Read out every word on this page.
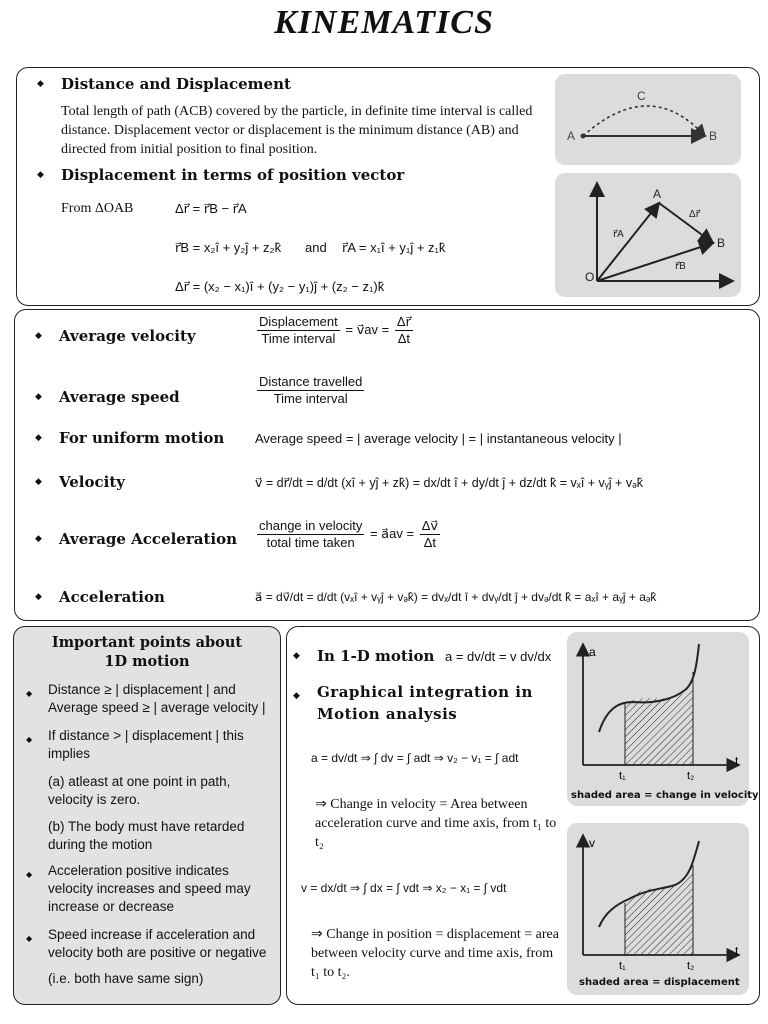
KINEMATICS
◆ Distance and Displacement
Total length of path (ACB) covered by the particle, in definite time interval is called distance. Displacement vector or displacement is the minimum distance (AB) and directed from initial position to final position.
◆ Displacement in terms of position vector
From ΔOAB	Δr⃗ = r⃗B − r⃗A
r⃗B = x₂î + y₂ĵ + z₂k̂ and r⃗A = x₁î + y₁ĵ + z₁k̂
Δr⃗ = (x₂ − x₁)î + (y₂ − y₁)ĵ + (z₂ − z₁)k̂
A	B
C
O
A
B
r⃗A
r⃗B
Δr⃗
◆ Average velocity	$\frac{\text{Displacement}}{\text{Time interval}}$ = v⃗av = $\frac{\Delta r⃗}{\Delta t}$
◆ Average speed	$\frac{\text{Distance travelled}}{\text{Time interval}}$
◆ For uniform motion Average speed = | average velocity | = | instantaneous velocity |
◆ Velocity	v⃗ = dr⃗/dt = d/dt (xî + yĵ + zk̂) = dx/dt î + dy/dt ĵ + dz/dt k̂ = vₓî + vᵧĵ + vₔk̂
◆ Average Acceleration $\frac{\text{change in velocity}}{\text{total time taken}}$ = a⃗av = $\frac{\Delta v⃗}{\Delta t}$
◆ Acceleration	a⃗ = dv⃗/dt = d/dt (vₓî + vᵧĵ + vₔk̂) = dvₓ/dt î + dvᵧ/dt ĵ + dvₔ/dt k̂ = aₓî + aᵧĵ + aₔk̂
Important points about
1D motion
◆ Distance ≥ | displacement | and Average speed ≥ | average velocity |
◆ If distance > | displacement | this implies
(a) atleast at one point in path, velocity is zero.
(b) The body must have retarded during the motion
◆ Acceleration positive indicates velocity increases and speed may increase or decrease
◆ Speed increase if acceleration and velocity both are positive or negative
(i.e. both have same sign)
◆ In 1-D motion a = dv/dt = v dv/dx
◆ Graphical integration in Motion analysis
a = dv/dt ⇒ ∫ dv = ∫ adt ⇒ v₂ − v₁ = ∫ adt
⇒ Change in velocity = Area between acceleration curve and time axis, from t₁ to t₂
v = dx/dt ⇒ ∫ dx = ∫ vdt ⇒ x₂ − x₁ = ∫ vdt
⇒ Change in position = displacement = area between velocity curve and time axis, from t₁ to t₂.
a
t
t₁	t₂
shaded area = change in velocity
v
t
t₁	t₂
shaded area = displacement
